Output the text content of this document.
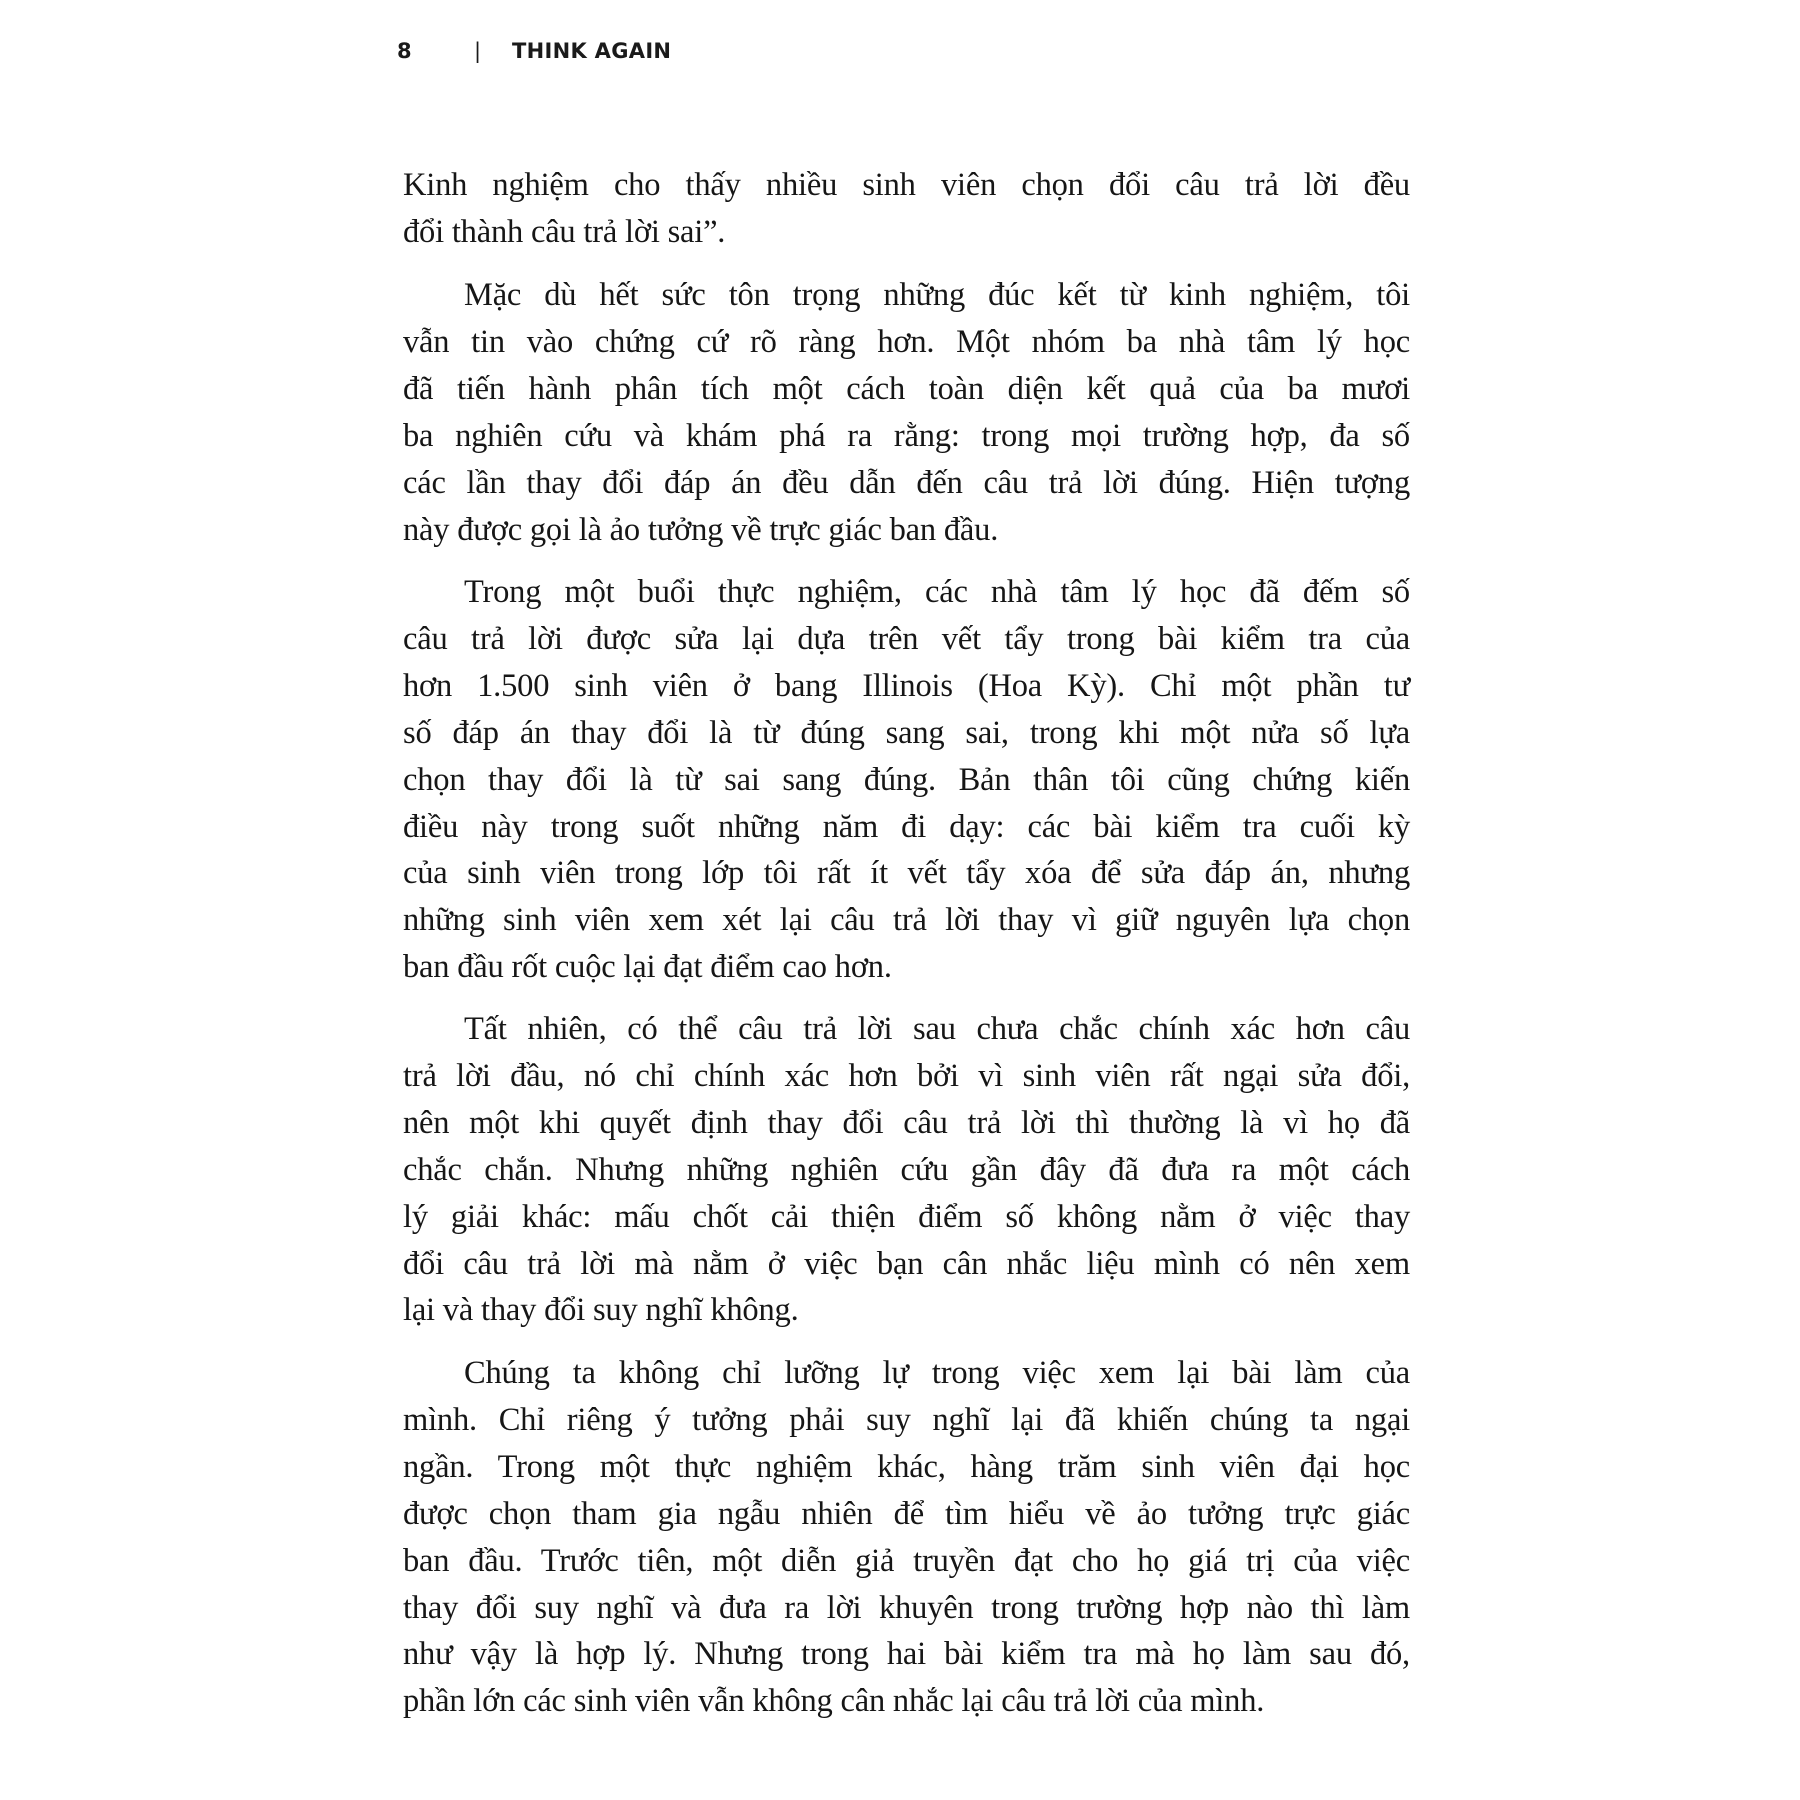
8	| THINK AGAIN
Kinh nghiệm cho thấy nhiều sinh viên chọn đổi câu trả lời đều
đổi thành câu trả lời sai”.
Mặc dù hết sức tôn trọng những đúc kết từ kinh nghiệm, tôi
vẫn tin vào chứng cứ rõ ràng hơn. Một nhóm ba nhà tâm lý học
đã tiến hành phân tích một cách toàn diện kết quả của ba mươi
ba nghiên cứu và khám phá ra rằng: trong mọi trường hợp, đa số
các lần thay đổi đáp án đều dẫn đến câu trả lời đúng. Hiện tượng
này được gọi là ảo tưởng về trực giác ban đầu.
Trong một buổi thực nghiệm, các nhà tâm lý học đã đếm số
câu trả lời được sửa lại dựa trên vết tẩy trong bài kiểm tra của
hơn 1.500 sinh viên ở bang Illinois (Hoa Kỳ). Chỉ một phần tư
số đáp án thay đổi là từ đúng sang sai, trong khi một nửa số lựa
chọn thay đổi là từ sai sang đúng. Bản thân tôi cũng chứng kiến
điều này trong suốt những năm đi dạy: các bài kiểm tra cuối kỳ
của sinh viên trong lớp tôi rất ít vết tẩy xóa để sửa đáp án, nhưng
những sinh viên xem xét lại câu trả lời thay vì giữ nguyên lựa chọn
ban đầu rốt cuộc lại đạt điểm cao hơn.
Tất nhiên, có thể câu trả lời sau chưa chắc chính xác hơn câu
trả lời đầu, nó chỉ chính xác hơn bởi vì sinh viên rất ngại sửa đổi,
nên một khi quyết định thay đổi câu trả lời thì thường là vì họ đã
chắc chắn. Nhưng những nghiên cứu gần đây đã đưa ra một cách
lý giải khác: mấu chốt cải thiện điểm số không nằm ở việc thay
đổi câu trả lời mà nằm ở việc bạn cân nhắc liệu mình có nên xem
lại và thay đổi suy nghĩ không.
Chúng ta không chỉ lưỡng lự trong việc xem lại bài làm của
mình. Chỉ riêng ý tưởng phải suy nghĩ lại đã khiến chúng ta ngại
ngần. Trong một thực nghiệm khác, hàng trăm sinh viên đại học
được chọn tham gia ngẫu nhiên để tìm hiểu về ảo tưởng trực giác
ban đầu. Trước tiên, một diễn giả truyền đạt cho họ giá trị của việc
thay đổi suy nghĩ và đưa ra lời khuyên trong trường hợp nào thì làm
như vậy là hợp lý. Nhưng trong hai bài kiểm tra mà họ làm sau đó,
phần lớn các sinh viên vẫn không cân nhắc lại câu trả lời của mình.
